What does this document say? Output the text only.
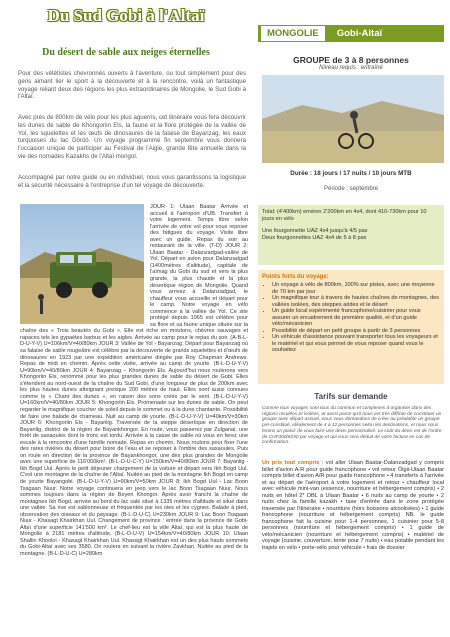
Du Sud Gobi à l'Altaï
Du désert de sable aux neiges éternelles

Pour des vététistes chevronnés ouverts à l'aventure, ou tout simplement pour des gens aimant lier le sport à la découverte et à la rencontre, voilà un fantastique voyage reliant deux des régions les plus extraordinaires de Mongolie, le Sud Gobi à l'Altaï.

Avec près de 800km de vélo pour les plus aguerris, cet itinéraire vous fera découvrir les dunes de sable de Khongoriin Els, la faune et la flore protégée de la vallée de Yol, les squelettes et les œufs de dinosaures de la falaise de Bayanzag, les eaux turquoises du lac Döröö. Un voyage programmé fin septembre vous donnera l'occasion unique de participer au Festival de l'Aigle, grande fête annuelle dans la vie des nomades Kazakhs de l'Altaï mongol.

Accompagné par notre guide ou en individuel, nous vous garantissons la logistique et la sécurité nécessaire à l'entreprise d'un tel voyage de découverte.

JOUR 1: Ulaan Baatar Arrivée et accueil à l'aéroport d'UB. Transfert à votre logement. Temps libre selon l'arrivée de votre vol pour vous reposer des fatigues du voyage. Visite libre avec un guide. Repas du soir au restaurant de la ville. (T-D) JOUR 2: Ulaan Baatar - Dalanzadgad-vallée de Yol. Départ en avion pour Dalanzadgad (1400mètres d'altitude), capitale de l'aïmag du Gobi du sud et vers la plus grande, la plus chaude et la plus désertique région de Mongolie. Quand vous arrivez à Dalanzadgad, le chauffeur vous accueille et départ pour le camp. Notre voyage en vélo commence à la vallée de Yol. Ce site protégé depuis 1965 est célèbre pour sa flore et sa faune unique située sur la chaîne des « Trois beautés du Gobi ». Elle est riche en moutons, chèvres sauvages et rapaces tels les gypaètes barbus et les aigles. Arrivée au camp pour le repas du soir. (A-B-L-D-U-Y-V) U=106km/V=40/80km JOUR 3: Vallée de Yol - Bayanzag. Départ pour Bayanzag où sa falaise de sable rougeâtre est célèbre par la découverte de grands squelettes et d'œufs de dinosaures en 1923 par une expédition américaine dirigée par Roy Chapman Andrews. Repas de midi en chemin. Après cette visite, arrivée au camp de yourte. (B-L-D-U-Y-V) U=90km/V=40/80km JOUR 4: Bayanzag – Khongoriin Els. Aujourd'hui nous roulerons vers Khongoriin Els, renommé pour les plus grandes dunes de sable du désert de Gobi. Elles s'étendent au nord-ouest de la chaîne du Sud Gobi, d'une longueur de plus de 200km avec les plus hautes dunes atteignant presque 200 mètres de haut. Elles sont aussi connues comme le « Chant des dunes », en raison des sons créés par le vent. (B-L-D-U-Y-V) U=160km/V=40/80km JOUR 5: Khongoriin Els. Promenade sur les dunes de sable. On peut regarder le magnifique coucher de soleil depuis le sommet ou à la dune chantante. Possibilité de faire une balade de chameau. Nuit au camp de yourte. (B-L-D-U-Y-V) U=40km/V=30km JOUR 6: Khongoriin Els - Bayanlig. Traversée de la steppe désertique en direction de Bayanlig, district de la région de Bayankhongor. En route, vous passerez par Zulganai, une forêt de saxaoules dont le tronc est tordu. Arrivée à la casse de sable où vous en ferez une escale à la rencontre d'une famille nomade. Repas en chemin. Nous roulons pour fixer l'une des rares rivières du désert pour boire de l'eau et se reposer à l'ombre des saxaoules. Puis on roule en direction de la province de Bayankhongor, une des plus grandes de Mongolie avec une superficie de 116'000km². (B-L-D-U-C-Y) U=150km/V=40/80km JOUR 7: Bayanlig - Ikh Bogd Uul. Après le petit déjeuner chargement de la voiture et départ vers Ikh Bogd Uul. C'est une montagne de la chaîne de l'Altaï. Nuitée au pied de la montagne Ikh Bogd en camp de yourte Bayangobi. (B-L-D-U-Y-V) U=90km/V=50km JOUR 8: Ikh Bogd Uul - Lac Boon Tsagaan Nuur. Notre voyage continuera en jeep vers le lac Boon Tsagaan Nuur. Nous sommes toujours dans la région de Beyen Khongor. Après avoir franchi la chaîne de montagnes Ikh Bogd, arrivée au bord du lac salé situé à 1335 mètres d'altitude et situé dans une vallée. Sa rive est sablonneuse et fréquentée par les oies et les cygnes. Balade à pied, observation des oiseaux et du paysage. (B-L-D-U-C) U=230km JOUR 9: Lac Boon Tsagaan Nuur - Khasagt Khairkhan Uul. Changement de province : entrée dans la province de Gobi-Altaï d'une superficie 141'500 km². Le chef-lieu est la ville Altaï, qui est la plus haute de Mongolie à 2181 mètres d'altitude. (B-L-D-U-V) U=154km/V=40/80km JOUR 10: Ulaan Shallin Khooloi - Khasagt Khairkhan Uul. Khasagt Khairkhan est un des plus hauts sommets du Gobi-Altaï avec ses 3580. On roulera en suivant la rivière Zavkhan. Nuitée au pied de la montagne. (B-L-D-U-C) U=280km

MONGOLIE	Gobi-Altaï
GROUPE de 3 à 8 personnes
Niveau requis : entraîné
Durée : 18 jours / 17 nuits / 10 jours MTB
Période : septembre

Total: (4'400km) environ 2'200km en 4x4, dont 410-730km pour 10 jours en vélo

Une fourgonnette UAZ 4x4 jusqu'à 4/5 pax

Deux fourgonnettes UAZ 4x4 de 5 à 8 pax

Points forts du voyage:
• Un voyage à vélo de 800km, 100% sur pistes, avec une moyenne de 70 km par jour
• Un magnifique tour à travers de hautes chaînes de montagnes, des vallées isolées, des steppes arides et le désert
• Un guide local expérimenté francophone/cuisinier pour vous assurer un encadrement de première qualité, et d'un guide vélo/mécanicien
• Possibilité de départ en petit groupe à partir de 3 personnes
• Un véhicule d'assistance pouvant transporter tous les voyageurs et le matériel et qui vous permet de vous reposer quand vous le souhaitez
Tarifs sur demande

Comme tous voyages sont tous du commun et complexes à organiser dans des régions reculées et isolées, et aussi parce qu'il nous est très difficile de constituer un groupe avec départ assuré, nous vous demandons de créer au préalable un groupe pré-constitué, idéalement de 4 à 12 personnes selon les destinations, et nous nous ferons un plaisir de vous faire une devis personnalisé. Le coût du devis est de l'ordre de CHF300/€250 par voyage et qui vous sera déduit de votre facture en cas de confirmation.

Un prix tout compris : vol aller Ulaan Baatar-Dalanzadgad y compris billet d'avion A-R pour guide francophone • vol retour Ölgii-Ulaan Baatar compris billet d'avion A/R pour guide francophone • 4 transferts à l'arrivée et au départ de l'aéroport à votre logement et retour • chauffeur local avec véhicule mini-van (essence, nourriture et hébergement compris) • 2 nuits en hôtel 2* DBL à Ulaan Baatar • 6 nuits au camp de yourte • 2 nuits chez la famille kazakh • taxe d'entrée dans le zone protégée traversée par l'itinéraire • nourriture (hors boissons alcoolisées) • 1 guide francophone (nourriture et hébergement compris) NB. le guide francophone fait la cuisine pour 1-4 personnes, 1 cuisinier pour 5-8 personnes (nourriture et hébergement compris) • 1 guide de vélo/mécanicien (nourriture et hébergement compris) • matériel de voyage (cuisine, couverture, tente pour 7 nuits) • eau potable pendant les trajets en vélo • porte-vélo pour véhicule • frais de dossier
